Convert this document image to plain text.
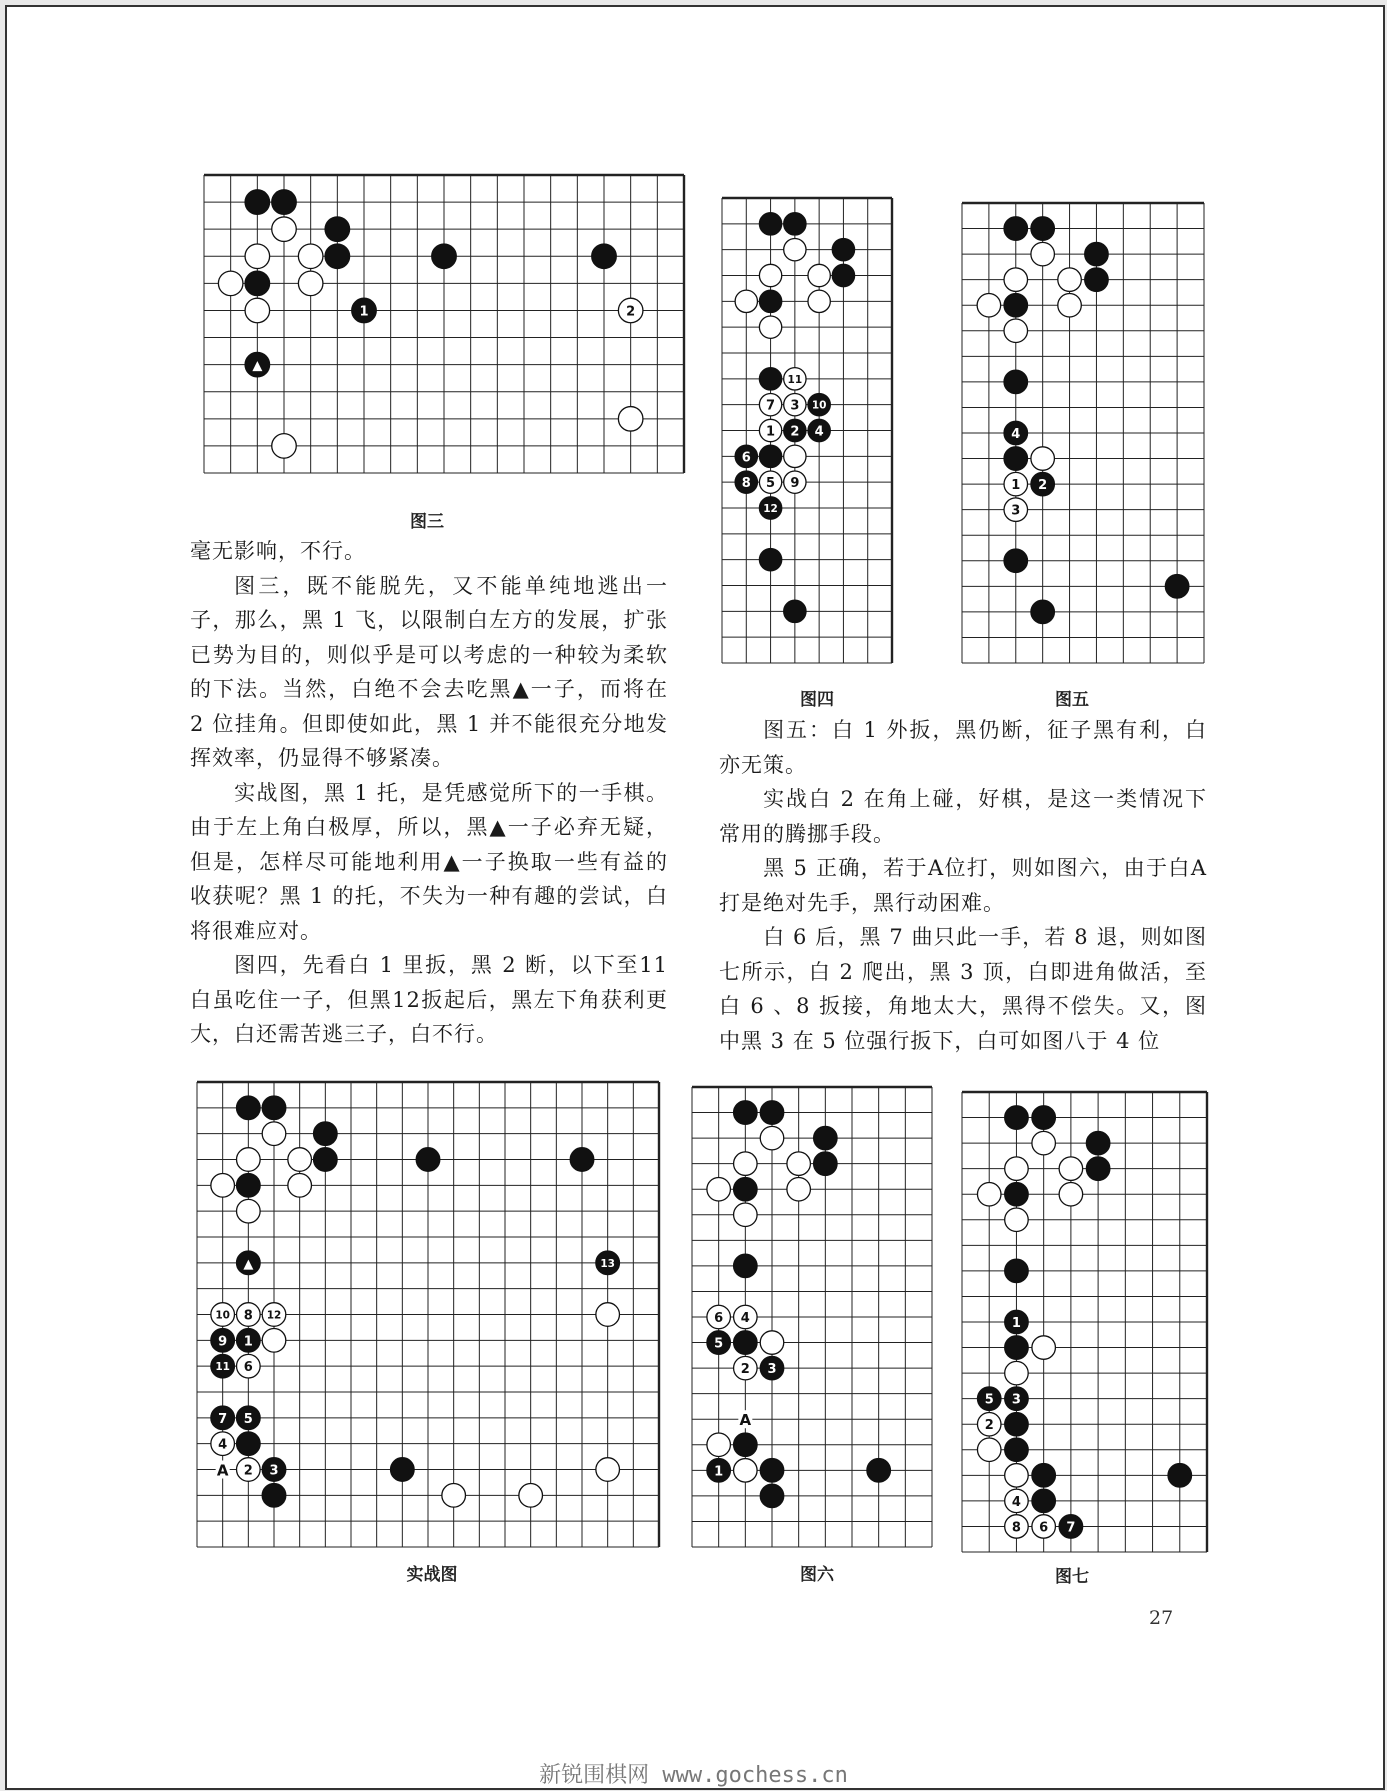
1	2
▲
图三
11
7 3 10
1 2 4
6
8 5 9
12
图四
4
1 2
3
图五

毫无影响，不行。

图三，既不能脱先，又不能单纯地逃出一子，那么，黑 1 飞，以限制白左方的发展，扩张已势为目的，则似乎是可以考虑的一种较为柔软的下法。当然，白绝不会去吃黑▲一子，而将在 2 位挂角。但即使如此，黑 1 并不能很充分地发挥效率，仍显得不够紧凑。

实战图，黑 1 托，是凭感觉所下的一手棋。由于左上角白极厚，所以，黑▲一子必弃无疑，但是，怎样尽可能地利用▲一子换取一些有益的收获呢？黑 1 的托，不失为一种有趣的尝试，白将很难应对。

图四，先看白 1 里扳，黑 2 断，以下至11白虽吃住一子，但黑12扳起后，黑左下角获利更大，白还需苦逃三子，白不行。

图五：白 1 外扳，黑仍断，征子黑有利，白亦无策。

实战白 2 在角上碰，好棋，是这一类情况下常用的腾挪手段。

黑 5 正确，若于A位打，则如图六，由于白A打是绝对先手，黑行动困难。

白 6 后，黑 7 曲只此一手，若 8 退，则如图七所示，白 2 爬出，黑 3 顶，白即进角做活，至白 6 、8 扳接，角地太大，黑得不偿失。又，图中黑 3 在 5 位强行扳下，白可如图八于 4 位

▲	13
10 8 12
9 1
11 6
7 5
4
A 2 3
实战图
6 4
5
2 3
A
1
图六
1
5 3
2
4
8 6 7
图七
27
新锐围棋网 www.gochess.cn
